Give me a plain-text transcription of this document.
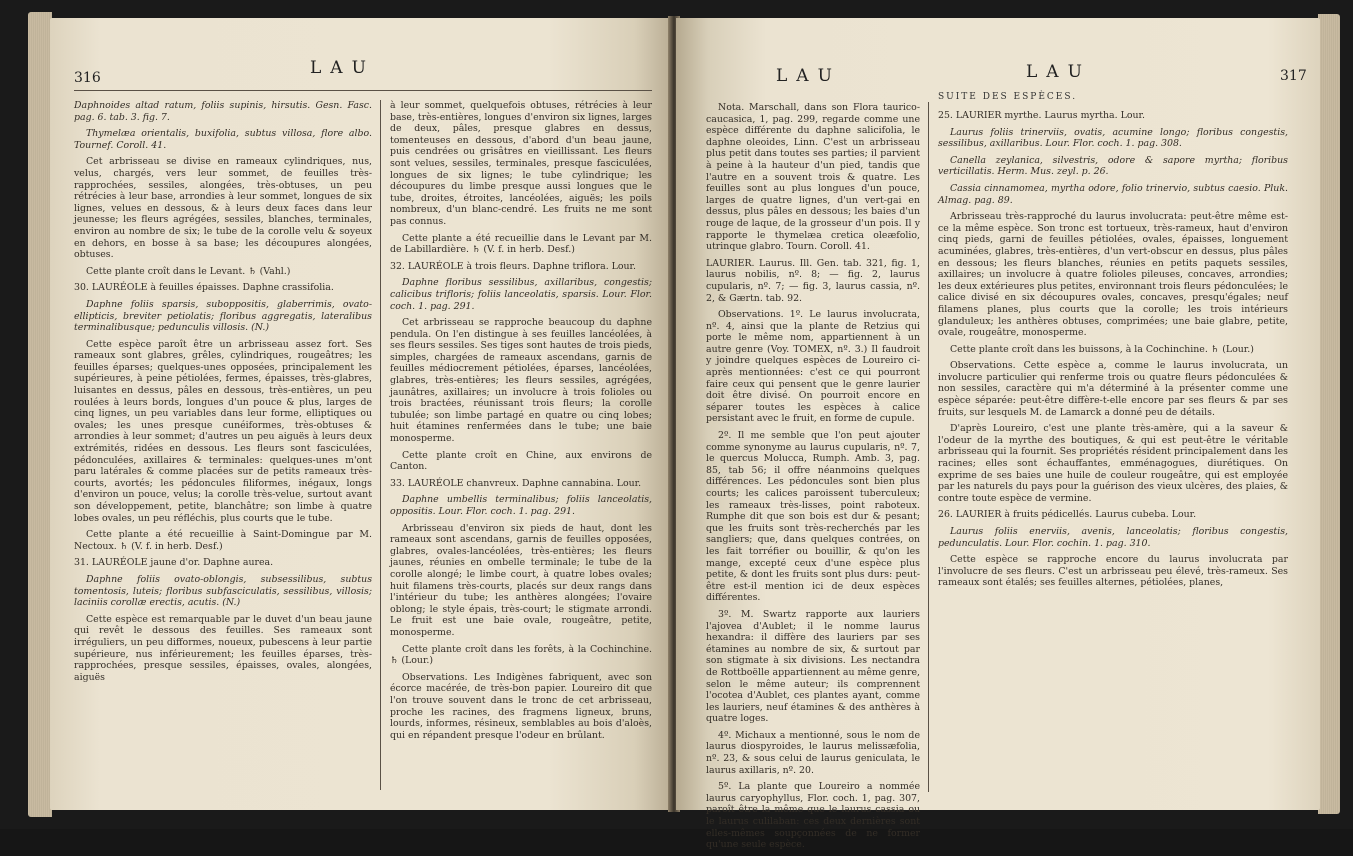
316	LAU

Daphnoides altad ratum, foliis supinis, hirsutis. Gesn. Fasc. pag. 6. tab. 3. fig. 7.

Thymelæa orientalis, buxifolia, subtus villosa, flore albo. Tournef. Coroll. 41.

Cet arbrisseau se divise en rameaux cylindriques, nus, velus, chargés, vers leur sommet, de feuilles très-rapprochées, sessiles, alongées, très-obtuses, un peu rétrécies à leur base, arrondies à leur sommet, longues de six lignes, velues en dessous, & à leurs deux faces dans leur jeunesse; les fleurs agrégées, sessiles, blanches, terminales, environ au nombre de six; le tube de la corolle velu & soyeux en dehors, en bosse à sa base; les découpures alongées, obtuses.

Cette plante croît dans le Levant. ♄ (Vahl.)

30. LAURÉOLE à feuilles épaisses. Daphne crassifolia.

Daphne foliis sparsis, suboppositis, glaberrimis, ovato-ellipticis, breviter petiolatis; floribus aggregatis, lateralibus terminalibusque; pedunculis villosis. (N.)

Cette espèce paroît être un arbrisseau assez fort. Ses rameaux sont glabres, grêles, cylindriques, rougeâtres; les feuilles éparses; quelques-unes opposées, principalement les supérieures, à peine pétiolées, fermes, épaisses, très-glabres, luisantes en dessus, pâles en dessous, très-entières, un peu roulées à leurs bords, longues d'un pouce & plus, larges de cinq lignes, un peu variables dans leur forme, elliptiques ou ovales; les unes presque cunéiformes, très-obtuses & arrondies à leur sommet; d'autres un peu aiguës à leurs deux extrémités, ridées en dessous. Les fleurs sont fasciculées, pédonculées, axillaires & terminales: quelques-unes m'ont paru latérales & comme placées sur de petits rameaux très-courts, avortés; les pédoncules filiformes, inégaux, longs d'environ un pouce, velus; la corolle très-velue, surtout avant son développement, petite, blanchâtre; son limbe à quatre lobes ovales, un peu réfléchis, plus courts que le tube.

Cette plante a été recueillie à Saint-Domingue par M. Nectoux. ♄ (V. f. in herb. Desf.)

31. LAURÉOLE jaune d'or. Daphne aurea.

Daphne foliis ovato-oblongis, subsessilibus, subtus tomentosis, luteis; floribus subfasciculatis, sessilibus, villosis; laciniis corollæ erectis, acutis. (N.)

Cette espèce est remarquable par le duvet d'un beau jaune qui revêt le dessous des feuilles. Ses rameaux sont irréguliers, un peu difformes, noueux, pubescens à leur partie supérieure, nus inférieurement; les feuilles éparses, très-rapprochées, presque sessiles, épaisses, ovales, alongées, aiguës

à leur sommet, quelquefois obtuses, rétrécies à leur base, très-entières, longues d'environ six lignes, larges de deux, pâles, presque glabres en dessus, tomenteuses en dessous, d'abord d'un beau jaune, puis cendrées ou grisâtres en vieillissant. Les fleurs sont velues, sessiles, terminales, presque fasciculées, longues de six lignes; le tube cylindrique; les découpures du limbe presque aussi longues que le tube, droites, étroites, lancéolées, aiguës; les poils nombreux, d'un blanc-cendré. Les fruits ne me sont pas connus.

Cette plante a été recueillie dans le Levant par M. de Labillardière. ♄ (V. f. in herb. Desf.)

32. LAURÉOLE à trois fleurs. Daphne triflora. Lour.

Daphne floribus sessilibus, axillaribus, congestis; calicibus trifloris; foliis lanceolatis, sparsis. Lour. Flor. coch. 1. pag. 291.

Cet arbrisseau se rapproche beaucoup du daphne pendula. On l'en distingue à ses feuilles lancéolées, à ses fleurs sessiles. Ses tiges sont hautes de trois pieds, simples, chargées de rameaux ascendans, garnis de feuilles médiocrement pétiolées, éparses, lancéolées, glabres, très-entières; les fleurs sessiles, agrégées, jaunâtres, axillaires; un involucre à trois folioles ou trois bractées, réunissant trois fleurs; la corolle tubulée; son limbe partagé en quatre ou cinq lobes; huit étamines renfermées dans le tube; une baie monosperme.

Cette plante croît en Chine, aux environs de Canton.

33. LAURÉOLE chanvreux. Daphne cannabina. Lour.

Daphne umbellis terminalibus; foliis lanceolatis, oppositis. Lour. Flor. coch. 1. pag. 291.

Arbrisseau d'environ six pieds de haut, dont les rameaux sont ascendans, garnis de feuilles opposées, glabres, ovales-lancéolées, très-entières; les fleurs jaunes, réunies en ombelle terminale; le tube de la corolle alongé; le limbe court, à quatre lobes ovales; huit filamens très-courts, placés sur deux rangs dans l'intérieur du tube; les anthères alongées; l'ovaire oblong; le style épais, très-court; le stigmate arrondi. Le fruit est une baie ovale, rougeâtre, petite, monosperme.

Cette plante croît dans les forêts, à la Cochinchine. ♄ (Lour.)

Observations. Les Indigènes fabriquent, avec son écorce macérée, de très-bon papier. Loureiro dit que l'on trouve souvent dans le tronc de cet arbrisseau, proche les racines, des fragmens ligneux, bruns, lourds, informes, résineux, semblables au bois d'aloès, qui en répandent presque l'odeur en brûlant.

LAU	LAU	317
SUITE DES ESPÈCES.

Nota. Marschall, dans son Flora taurico-caucasica, 1, pag. 299, regarde comme une espèce différente du daphne salicifolia, le daphne oleoides, Linn. C'est un arbrisseau plus petit dans toutes ses parties; il parvient à peine à la hauteur d'un pied, tandis que l'autre en a souvent trois & quatre. Les feuilles sont au plus longues d'un pouce, larges de quatre lignes, d'un vert-gai en dessus, plus pâles en dessous; les baies d'un rouge de laque, de la grosseur d'un pois. Il y rapporte le thymelæa cretica oleæfolio, utrinque glabro. Tourn. Coroll. 41.

LAURIER. Laurus. Ill. Gen. tab. 321, fig. 1, laurus nobilis, nº. 8; — fig. 2, laurus cupularis, nº. 7; — fig. 3, laurus cassia, nº. 2, & Gærtn. tab. 92.

Observations. 1º. Le laurus involucrata, nº. 4, ainsi que la plante de Retzius qui porte le même nom, appartiennent à un autre genre (Voy. TOMEX, nº. 3.) Il faudroit y joindre quelques espèces de Loureiro ci-après mentionnées: c'est ce qui pourront faire ceux qui pensent que le genre laurier doit être divisé. On pourroit encore en séparer toutes les espèces à calice persistant avec le fruit, en forme de cupule.

2º. Il me semble que l'on peut ajouter comme synonyme au laurus cupularis, nº. 7, le quercus Molucca, Rumph. Amb. 3, pag. 85, tab 56; il offre néanmoins quelques différences. Les pédoncules sont bien plus courts; les calices paroissent tuberculeux; les rameaux très-lisses, point raboteux. Rumphe dit que son bois est dur & pesant; que les fruits sont très-recherchés par les sangliers; que, dans quelques contrées, on les fait torréfier ou bouillir, & qu'on les mange, excepté ceux d'une espèce plus petite, & dont les fruits sont plus durs: peut-être est-il mention ici de deux espèces différentes.

3º. M. Swartz rapporte aux lauriers l'ajovea d'Aublet; il le nomme laurus hexandra: il diffère des lauriers par ses étamines au nombre de six, & surtout par son stigmate à six divisions. Les nectandra de Rottboëlle appartiennent au même genre, selon le même auteur; ils comprennent l'ocotea d'Aublet, ces plantes ayant, comme les lauriers, neuf étamines & des anthères à quatre loges.

4º. Michaux a mentionné, sous le nom de laurus diospyroides, le laurus melissæfolia, nº. 23, & sous celui de laurus geniculata, le laurus axillaris, nº. 20.

5º. La plante que Loureiro a nommée laurus caryophyllus, Flor. coch. 1, pag. 307, paroît être la même que le laurus cassia ou le laurus culilaban: ces deux dernières sont elles-mêmes soupçonnées de ne former qu'une seule espèce.

25. LAURIER myrthe. Laurus myrtha. Lour.

Laurus foliis trinerviis, ovatis, acumine longo; floribus congestis, sessilibus, axillaribus. Lour. Flor. coch. 1. pag. 308.

Canella zeylanica, silvestris, odore & sapore myrtha; floribus verticillatis. Herm. Mus. zeyl. p. 26.

Cassia cinnamomea, myrtha odore, folio trinervio, subtus caesio. Pluk. Almag. pag. 89.

Arbrisseau très-rapproché du laurus involucrata: peut-être même est-ce la même espèce. Son tronc est tortueux, très-rameux, haut d'environ cinq pieds, garni de feuilles pétiolées, ovales, épaisses, longuement acuminées, glabres, très-entières, d'un vert-obscur en dessus, plus pâles en dessous; les fleurs blanches, réunies en petits paquets sessiles, axillaires; un involucre à quatre folioles pileuses, concaves, arrondies; les deux extérieures plus petites, environnant trois fleurs pédonculées; le calice divisé en six découpures ovales, concaves, presqu'égales; neuf filamens planes, plus courts que la corolle; les trois intérieurs glanduleux; les anthères obtuses, comprimées; une baie glabre, petite, ovale, rougeâtre, monosperme.

Cette plante croît dans les buissons, à la Cochinchine. ♄ (Lour.)

Observations. Cette espèce a, comme le laurus involucrata, un involucre particulier qui renferme trois ou quatre fleurs pédonculées & non sessiles, caractère qui m'a déterminé à la présenter comme une espèce séparée: peut-être diffère-t-elle encore par ses fleurs & par ses fruits, sur lesquels M. de Lamarck a donné peu de détails.

D'après Loureiro, c'est une plante très-amère, qui a la saveur & l'odeur de la myrthe des boutiques, & qui est peut-être le véritable arbrisseau qui la fournit. Ses propriétés résident principalement dans les racines; elles sont échauffantes, emménagogues, diurétiques. On exprime de ses baies une huile de couleur rougeâtre, qui est employée par les naturels du pays pour la guérison des vieux ulcères, des plaies, & contre toute espèce de vermine.

26. LAURIER à fruits pédicellés. Laurus cubeba. Lour.

Laurus foliis enerviis, avenis, lanceolatis; floribus congestis, pedunculatis. Lour. Flor. cochin. 1. pag. 310.

Cette espèce se rapproche encore du laurus involucrata par l'involucre de ses fleurs. C'est un arbrisseau peu élevé, très-rameux. Ses rameaux sont étalés; ses feuilles alternes, pétiolées, planes,
